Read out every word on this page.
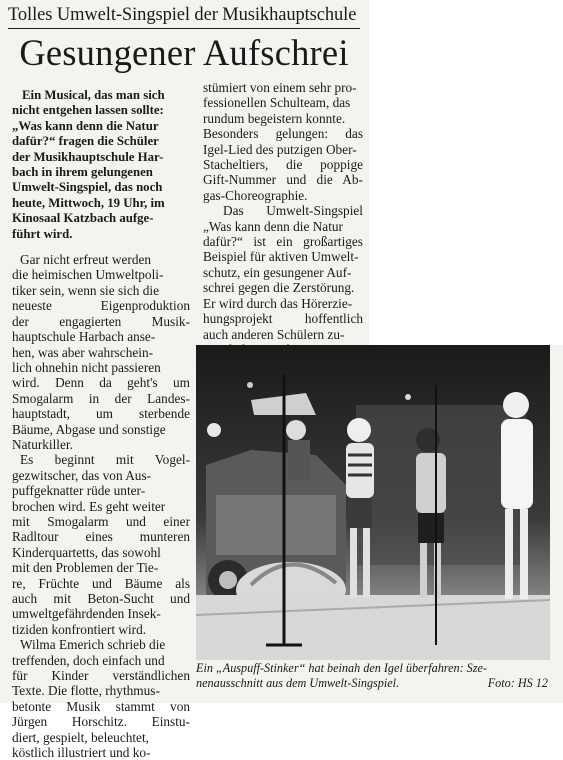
Tolles Umwelt-Singspiel der Musikhauptschule
Gesungener Aufschrei

Ein Musical, das man sich

nicht entgehen lassen sollte:

„Was kann denn die Natur

dafür?“ fragen die Schüler

der Musikhauptschule Har-

bach in ihrem gelungenen

Umwelt-Singspiel, das noch

heute, Mittwoch, 19 Uhr, im

Kinosaal Katzbach aufge-

führt wird.

Gar nicht erfreut werden

die heimischen Umweltpoli-

tiker sein, wenn sie sich die

neueste Eigenproduktion

der engagierten Musik-

hauptschule Harbach anse-

hen, was aber wahrschein-

lich ohnehin nicht passieren

wird. Denn da geht's um

Smogalarm in der Landes-

hauptstadt, um sterbende

Bäume, Abgase und sonstige

Naturkiller.

Es beginnt mit Vogel-

gezwitscher, das von Aus-

puffgeknatter rüde unter-

brochen wird. Es geht weiter

mit Smogalarm und einer

Radltour eines munteren

Kinderquartetts, das sowohl

mit den Problemen der Tie-

re, Früchte und Bäume als

auch mit Beton-Sucht und

umweltgefährdenden Insek-

tiziden konfrontiert wird.

Wilma Emerich schrieb die

treffenden, doch einfach und

für Kinder verständlichen

Texte. Die flotte, rhythmus-

betonte Musik stammt von

Jürgen Horschitz. Einstu-

diert, gespielt, beleuchtet,

köstlich illustriert und ko-

stümiert von einem sehr pro-

fessionellen Schulteam, das

rundum begeistern konnte.

Besonders gelungen: das

Igel-Lied des putzigen Ober-

Stacheltiers, die poppige

Gift-Nummer und die Ab-

gas-Choreographie.

Das Umwelt-Singspiel

„Was kann denn die Natur

dafür?“ ist ein großartiges

Beispiel für aktiven Umwelt-

schutz, ein gesungener Auf-

schrei gegen die Zerstörung.

Er wird durch das Hörerzie-

hungsprojekt hoffentlich

auch anderen Schülern zu-

Ein „Auspuff-Stinker“ hat beinah den Igel überfahren: Sze-
nenausschnitt aus dem Umwelt-Singspiel.	Foto: HS 12
